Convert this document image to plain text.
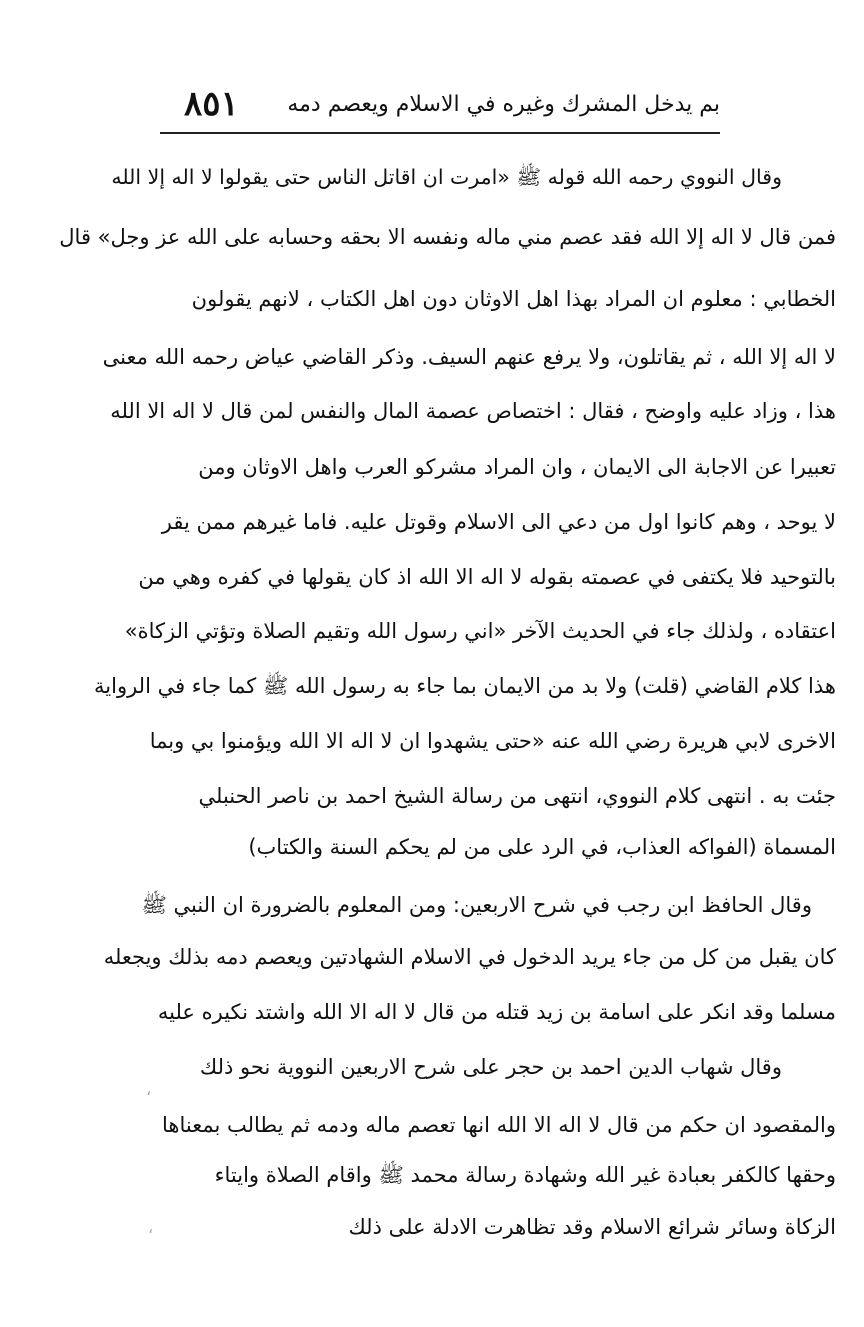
بم يدخل المشرك وغيره في الاسلام ويعصم دمه
٨٥١
وقال النووي رحمه الله قوله ﷺ «امرت ان اقاتل الناس حتى يقولوا لا اله إلا الله
فمن قال لا اله إلا الله فقد عصم مني ماله ونفسه الا بحقه وحسابه على الله عز وجل» قال
الخطابي : معلوم ان المراد بهذا اهل الاوثان دون اهل الكتاب ، لانهم يقولون
لا اله إلا الله ، ثم يقاتلون، ولا يرفع عنهم السيف. وذكر القاضي عياض رحمه الله معنى
هذا ، وزاد عليه واوضح ، فقال : اختصاص عصمة المال والنفس لمن قال لا اله الا الله
تعبيرا عن الاجابة الى الايمان ، وان المراد مشركو العرب واهل الاوثان ومن
لا يوحد ، وهم كانوا اول من دعي الى الاسلام وقوتل عليه. فاما غيرهم ممن يقر
بالتوحيد فلا يكتفى في عصمته بقوله لا اله الا الله اذ كان يقولها في كفره وهي من
اعتقاده ، ولذلك جاء في الحديث الآخر «اني رسول الله وتقيم الصلاة وتؤتي الزكاة»
هذا كلام القاضي (قلت) ولا بد من الايمان بما جاء به رسول الله ﷺ كما جاء في الرواية
الاخرى لابي هريرة رضي الله عنه «حتى يشهدوا ان لا اله الا الله ويؤمنوا بي وبما
جئت به . انتهى كلام النووي، انتهى من رسالة الشيخ احمد بن ناصر الحنبلي
المسماة (الفواكه العذاب، في الرد على من لم يحكم السنة والكتاب)
وقال الحافظ ابن رجب في شرح الاربعين: ومن المعلوم بالضرورة ان النبي ﷺ
كان يقبل من كل من جاء يريد الدخول في الاسلام الشهادتين ويعصم دمه بذلك ويجعله
مسلما وقد انكر على اسامة بن زيد قتله من قال لا اله الا الله واشتد نكيره عليه
وقال شهاب الدين احمد بن حجر على شرح الاربعين النووية نحو ذلك
والمقصود ان حكم من قال لا اله الا الله انها تعصم ماله ودمه ثم يطالب بمعناها
وحقها كالكفر بعبادة غير الله وشهادة رسالة محمد ﷺ واقام الصلاة وايتاء
الزكاة وسائر شرائع الاسلام وقد تظاهرت الادلة على ذلك
،
،
